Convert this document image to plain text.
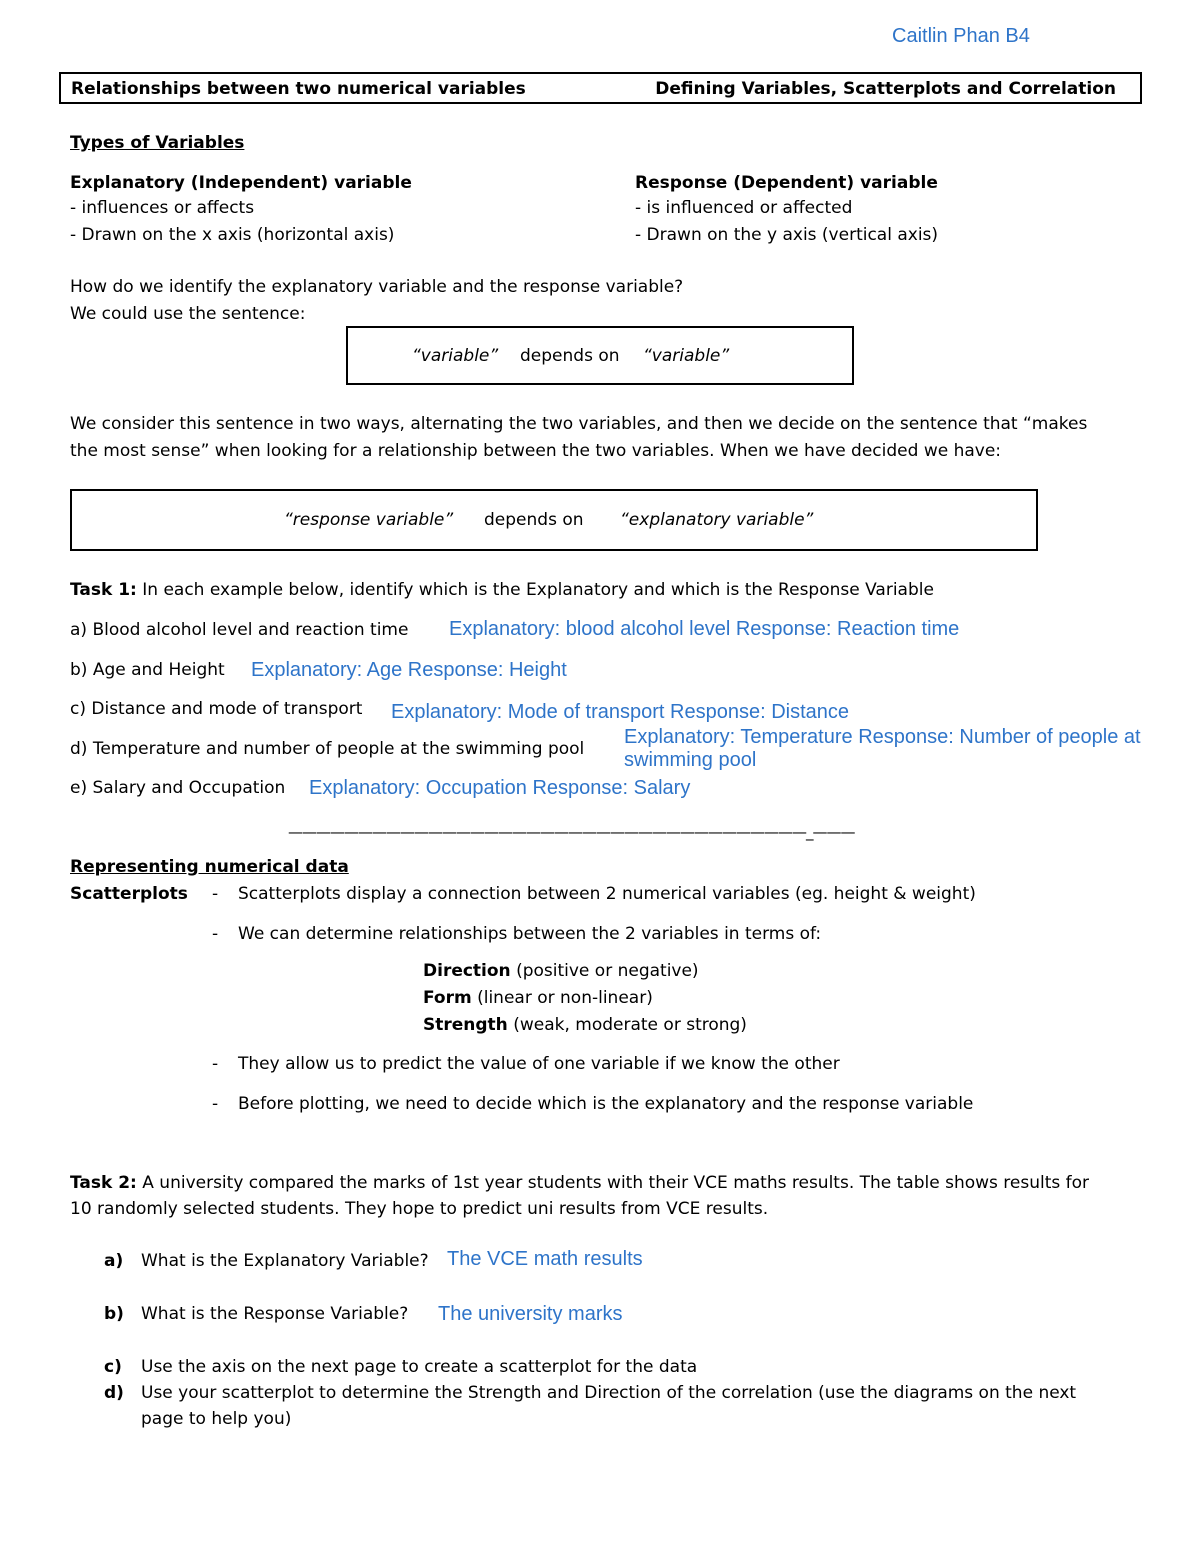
Caitlin Phan B4
Relationships between two numerical variables	Defining Variables, Scatterplots and Correlation
Types of Variables
Explanatory (Independent) variable
- influences or affects
- Drawn on the x axis (horizontal axis)
Response (Dependent) variable
- is influenced or affected
- Drawn on the y axis (vertical axis)
How do we identify the explanatory variable and the response variable?
We could use the sentence:
“variable” depends on “variable”
We consider this sentence in two ways, alternating the two variables, and then we decide on the sentence that “makes
the most sense” when looking for a relationship between the two variables. When we have decided we have:
“response variable” depends on “explanatory variable”
Task 1: In each example below, identify which is the Explanatory and which is the Response Variable
a) Blood alcohol level and reaction time Explanatory: blood alcohol level Response: Reaction time
b) Age and Height Explanatory: Age Response: Height
c) Distance and mode of transport Explanatory: Mode of transport Response: Distance
d) Temperature and number of people at the swimming pool
Explanatory: Temperature Response: Number of people at
swimming pool
e) Salary and Occupation Explanatory: Occupation Response: Salary
—————————————————————————————————————_———
Representing numerical data
Scatterplots - Scatterplots display a connection between 2 numerical variables (eg. height & weight)
- We can determine relationships between the 2 variables in terms of:
Direction (positive or negative)
Form (linear or non-linear)
Strength (weak, moderate or strong)
- They allow us to predict the value of one variable if we know the other
- Before plotting, we need to decide which is the explanatory and the response variable
Task 2: A university compared the marks of 1st year students with their VCE maths results. The table shows results for
10 randomly selected students. They hope to predict uni results from VCE results.
a) What is the Explanatory Variable? The VCE math results
b) What is the Response Variable? The university marks
c) Use the axis on the next page to create a scatterplot for the data
d) Use your scatterplot to determine the Strength and Direction of the correlation (use the diagrams on the next
page to help you)
